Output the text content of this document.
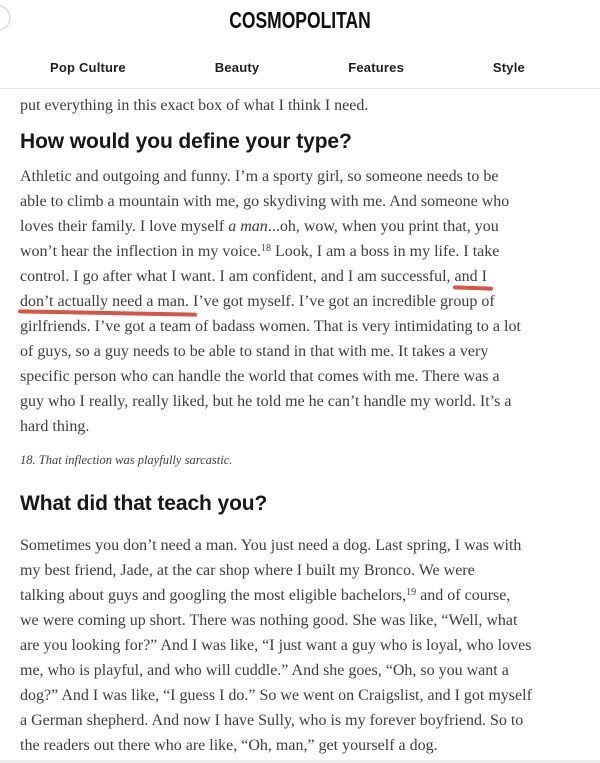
COSMOPOLITAN
Pop Culture	Beauty	Features	Style

put everything in this exact box of what I think I need.

How would you define your type?
Athletic and outgoing and funny. I’m a sporty girl, so someone needs to be
able to climb a mountain with me, go skydiving with me. And someone who
loves their family. I love myself a man...oh, wow, when you print that, you
won’t hear the inflection in my voice.$^{18}$ Look, I am a boss in my life. I take
control. I go after what I want. I am confident, and I am successful, and I
don’t actually need a man. I’ve got myself. I’ve got an incredible group of
girlfriends. I’ve got a team of badass women. That is very intimidating to a lot
of guys, so a guy needs to be able to stand in that with me. It takes a very
specific person who can handle the world that comes with me. There was a
guy who I really, really liked, but he told me he can’t handle my world. It’s a
hard thing.

18. That inflection was playfully sarcastic.

What did that teach you?
Sometimes you don’t need a man. You just need a dog. Last spring, I was with
my best friend, Jade, at the car shop where I built my Bronco. We were
talking about guys and googling the most eligible bachelors,$^{19}$ and of course,
we were coming up short. There was nothing good. She was like, “Well, what
are you looking for?” And I was like, “I just want a guy who is loyal, who loves
me, who is playful, and who will cuddle.” And she goes, “Oh, so you want a
dog?” And I was like, “I guess I do.” So we went on Craigslist, and I got myself
a German shepherd. And now I have Sully, who is my forever boyfriend. So to
the readers out there who are like, “Oh, man,” get yourself a dog.
